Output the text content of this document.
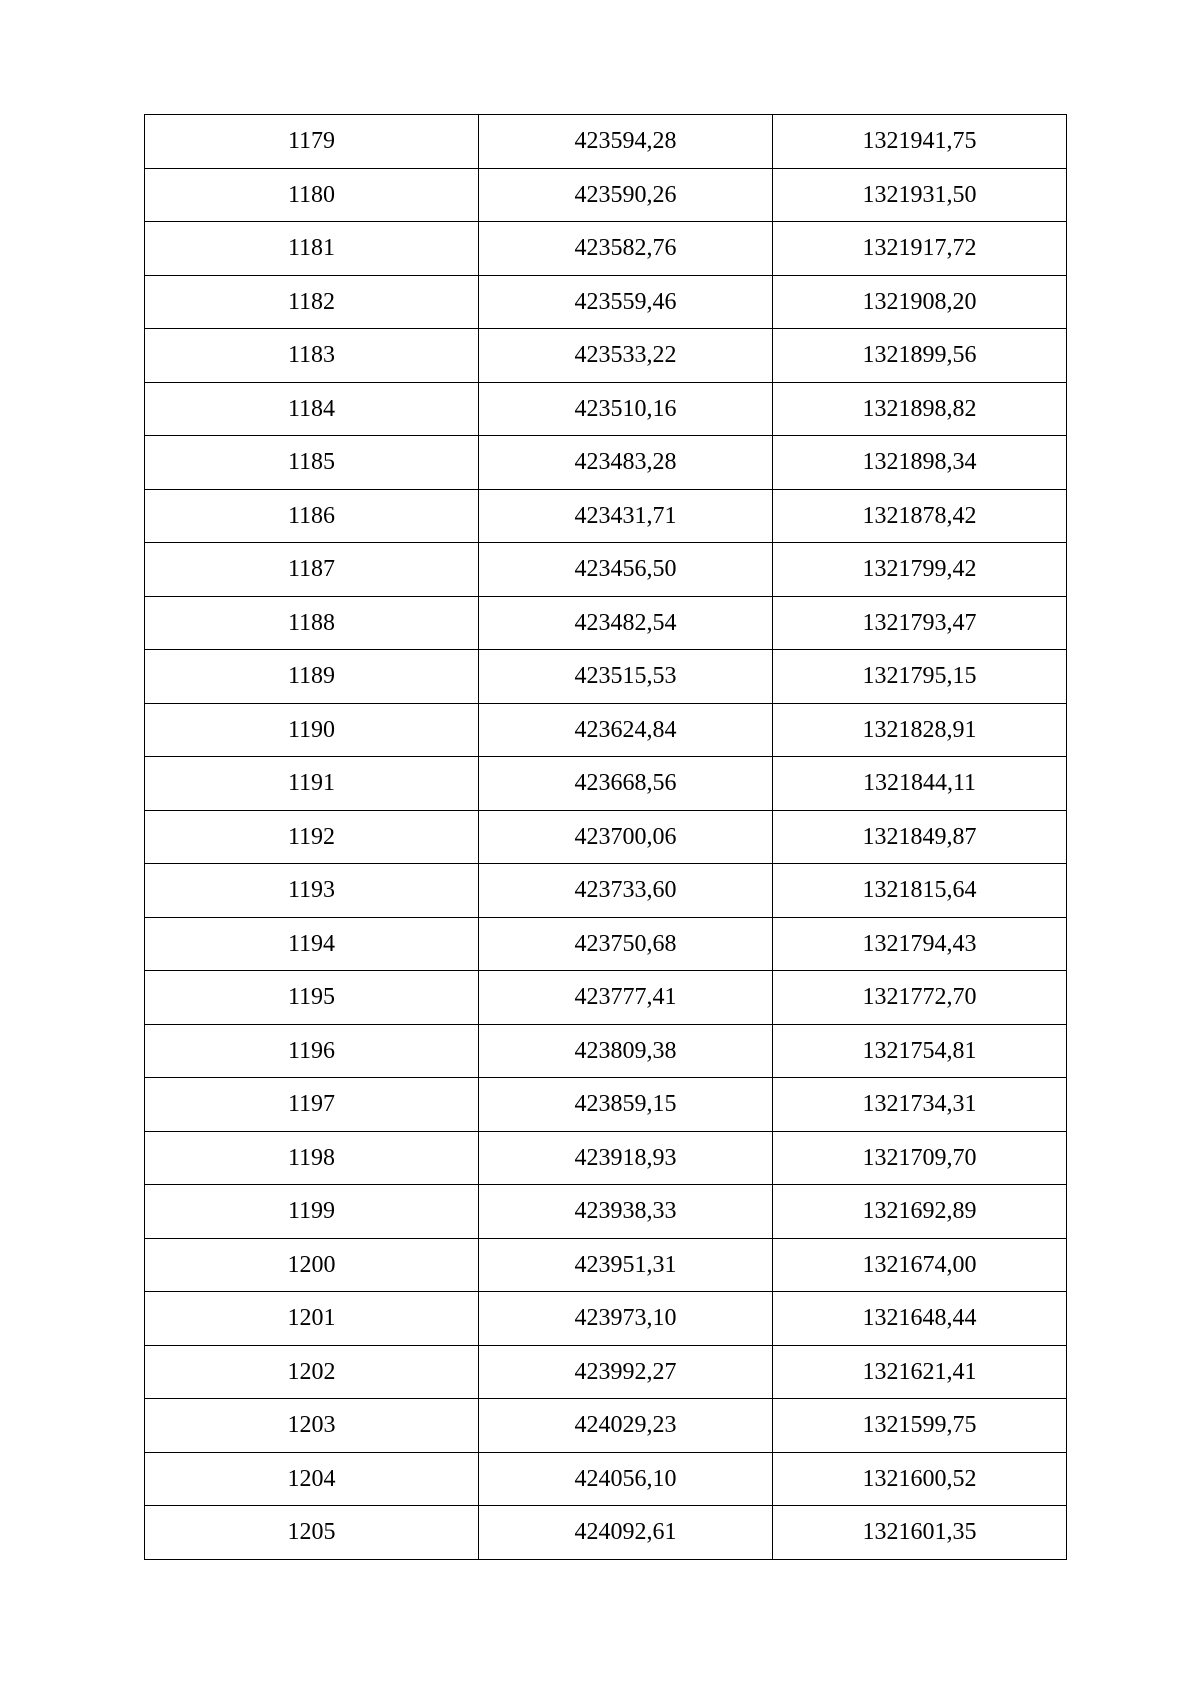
1179	423594,28	1321941,75
1180	423590,26	1321931,50
1181	423582,76	1321917,72
1182	423559,46	1321908,20
1183	423533,22	1321899,56
1184	423510,16	1321898,82
1185	423483,28	1321898,34
1186	423431,71	1321878,42
1187	423456,50	1321799,42
1188	423482,54	1321793,47
1189	423515,53	1321795,15
1190	423624,84	1321828,91
1191	423668,56	1321844,11
1192	423700,06	1321849,87
1193	423733,60	1321815,64
1194	423750,68	1321794,43
1195	423777,41	1321772,70
1196	423809,38	1321754,81
1197	423859,15	1321734,31
1198	423918,93	1321709,70
1199	423938,33	1321692,89
1200	423951,31	1321674,00
1201	423973,10	1321648,44
1202	423992,27	1321621,41
1203	424029,23	1321599,75
1204	424056,10	1321600,52
1205	424092,61	1321601,35
